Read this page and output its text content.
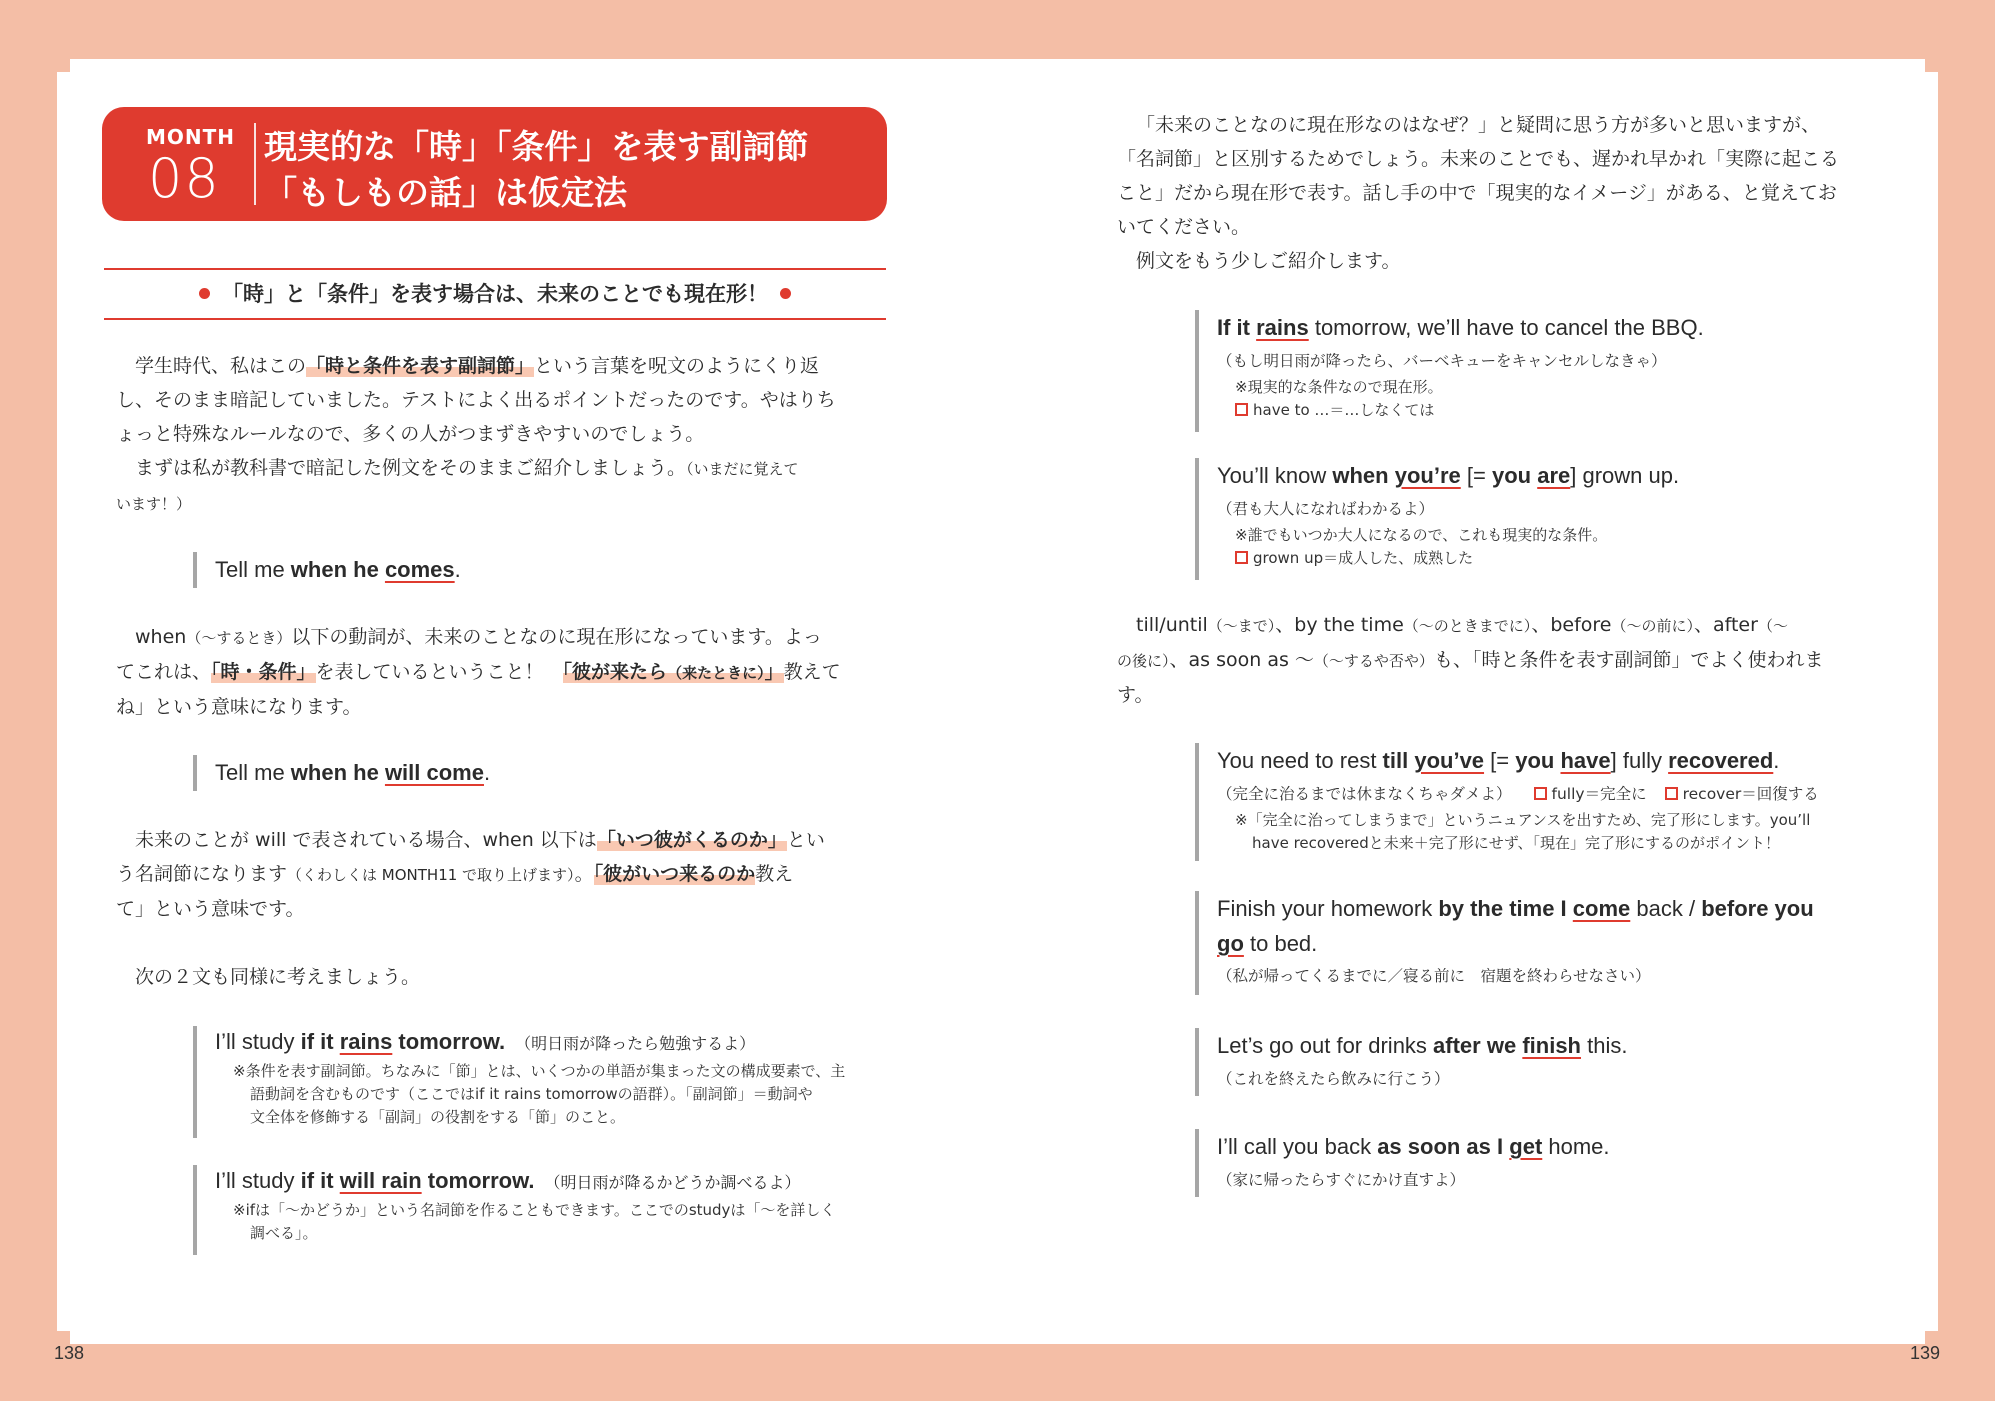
MONTH
08
現実的な「時」「条件」を表す副詞節
「もしもの話」は仮定法
「時」と「条件」を表す場合は、未来のことでも現在形！
学生時代、私はこの「時と条件を表す副詞節」という言葉を呪文のようにくり返
し、そのまま暗記していました。テストによく出るポイントだったのです。やはりち
ょっと特殊なルールなので、多くの人がつまずきやすいのでしょう。
まずは私が教科書で暗記した例文をそのままご紹介しましょう。（いまだに覚えて
います！）
Tell me when he comes.
when（〜するとき）以下の動詞が、未来のことなのに現在形になっています。よっ
てこれは、「時・条件」を表しているということ！　「彼が来たら（来たときに）」教えて
ね」という意味になります。
Tell me when he will come.
未来のことが will で表されている場合、when 以下は「いつ彼がくるのか」とい
う名詞節になります（くわしくは MONTH11 で取り上げます）。「彼がいつ来るのか教え
て」という意味です。
次の２文も同様に考えましょう。
I’ll study if it rains tomorrow. （明日雨が降ったら勉強するよ）
※条件を表す副詞節。ちなみに「節」とは、いくつかの単語が集まった文の構成要素で、主
語動詞を含むものです（ここではif it rains tomorrowの語群）。「副詞節」＝動詞や
文全体を修飾する「副詞」の役割をする「節」のこと。
I’ll study if it will rain tomorrow. （明日雨が降るかどうか調べるよ）
※ifは「〜かどうか」という名詞節を作ることもできます。ここでのstudyは「〜を詳しく
調べる」。
「未来のことなのに現在形なのはなぜ？」と疑問に思う方が多いと思いますが、
「名詞節」と区別するためでしょう。未来のことでも、遅かれ早かれ「実際に起こる
こと」だから現在形で表す。話し手の中で「現実的なイメージ」がある、と覚えてお
いてください。
例文をもう少しご紹介します。
If it rains tomorrow, we’ll have to cancel the BBQ.
（もし明日雨が降ったら、バーベキューをキャンセルしなきゃ）
※現実的な条件なので現在形。
have to …＝…しなくては
You’ll know when you’re [= you are] grown up.
（君も大人になればわかるよ）
※誰でもいつか大人になるので、これも現実的な条件。
grown up＝成人した、成熟した
till/until（〜まで）、by the time（〜のときまでに）、before（〜の前に）、after（〜
の後に）、as soon as 〜（〜するや否や）も、「時と条件を表す副詞節」でよく使われま
す。
You need to rest till you’ve [= you have] fully recovered.
（完全に治るまでは休まなくちゃダメよ）	fully＝完全に recover＝回復する
※「完全に治ってしまうまで」というニュアンスを出すため、完了形にします。you’ll
have recoveredと未来＋完了形にせず、「現在」完了形にするのがポイント！
Finish your homework by the time I come back / before you
go to bed.
（私が帰ってくるまでに／寝る前に　宿題を終わらせなさい）
Let’s go out for drinks after we finish this.
（これを終えたら飲みに行こう）
I’ll call you back as soon as I get home.
（家に帰ったらすぐにかけ直すよ）
138	139
